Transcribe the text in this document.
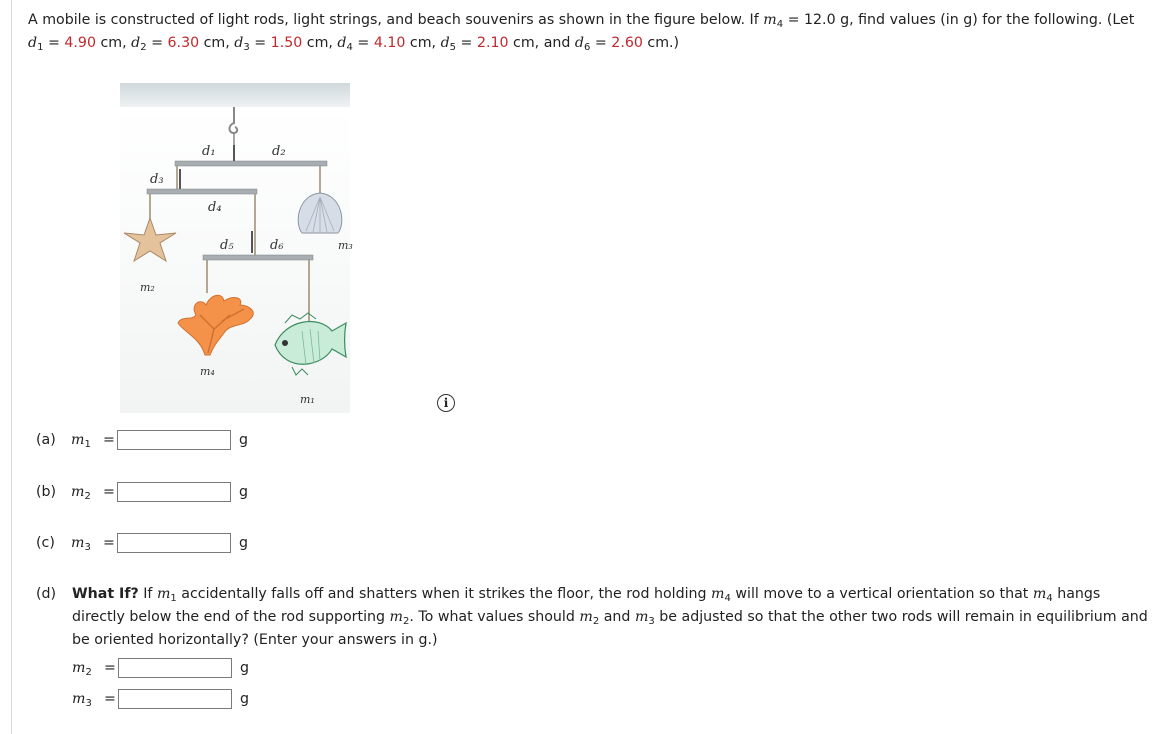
A mobile is constructed of light rods, light strings, and beach souvenirs as shown in the figure below. If $m_4 = 12.0$ g, find values (in g) for the following. (Let $d_1 = 4.90$ cm, $d_2 = 6.30$ cm, $d_3 = 1.50$ cm, $d_4 = 4.10$ cm, $d_5 = 2.10$ cm, and $d_6 = 2.60$ cm.)
d₁	d₂
d₃
d₄
d₅	d₆	m₃
m₂
m₄
m₁	i
(a)	$m_1$ =	g
(b)	$m_2$ =	g
(c)	$m_3$ =	g
(d) What If? If $m_1$ accidentally falls off and shatters when it strikes the floor, the rod holding $m_4$ will move to a vertical orientation so that $m_4$ hangs directly below the end of the rod supporting $m_2$. To what values should $m_2$ and $m_3$ be adjusted so that the other two rods will remain in equilibrium and be oriented horizontally? (Enter your answers in g.)
$m_2$ =	g
$m_3$ =	g
